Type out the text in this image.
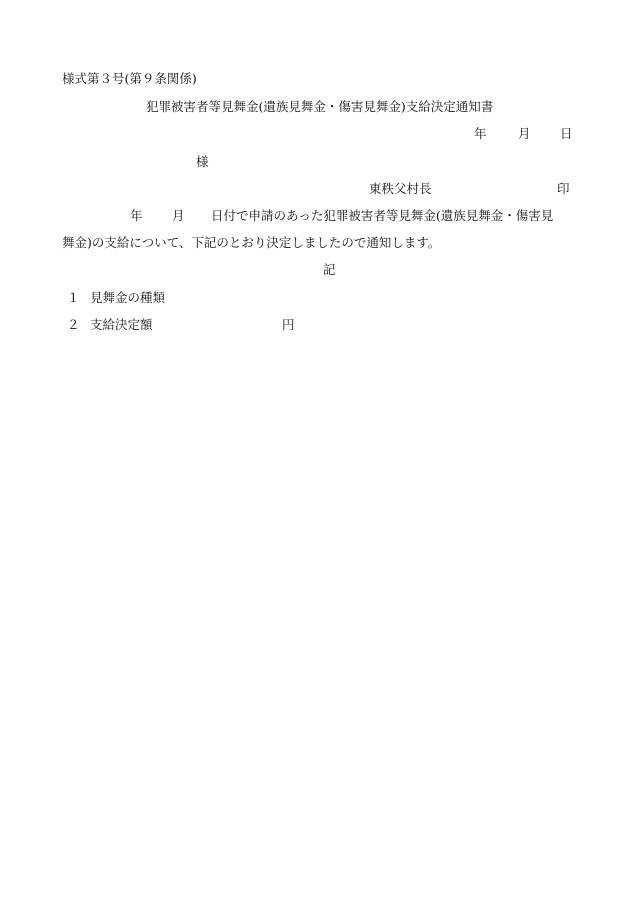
様式第３号(第９条関係)
犯罪被害者等見舞金(遺族見舞金・傷害見舞金)支給決定通知書
年	月 日
様
東秩父村長	印
年 月 日付で申請のあった犯罪被害者等見舞金(遺族見舞金・傷害見
舞金)の支給について、下記のとおり決定しましたので通知します。
記
１ 見舞金の種類
２ 支給決定額	円
